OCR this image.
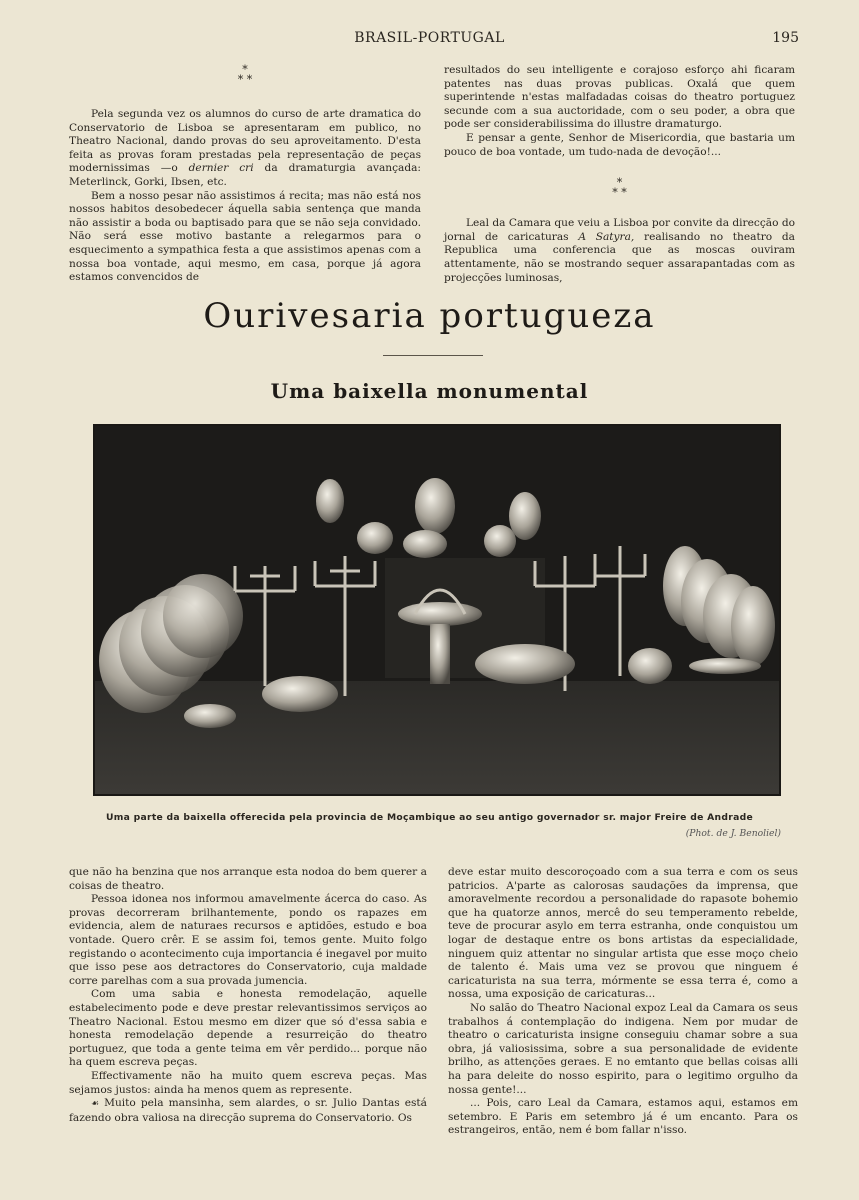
BRASIL-PORTUGAL	195
*
* *

Pela segunda vez os alumnos do curso de arte dramatica do Conservatorio de Lisboa se apresentaram em publico, no Theatro Nacional, dando provas do seu aproveitamento. D'esta feita as provas foram prestadas pela representação de peças modernissimas —o dernier cri da dramaturgia avançada: Meterlinck, Gorki, Ibsen, etc.

Bem a nosso pesar não assistimos á recita; mas não está nos nossos habitos desobedecer áquella sabia sentença que manda não assistir a boda ou baptisado para que se não seja convidado. Não será esse motivo bastante a relegarmos para o esquecimento a sympathica festa a que assistimos apenas com a nossa boa vontade, aqui mesmo, em casa, porque já agora estamos convencidos de

resultados do seu intelligente e corajoso esforço ahi ficaram patentes nas duas provas publicas. Oxalá que quem superintende n'estas malfadadas coisas do theatro portuguez secunde com a sua auctoridade, com o seu poder, a obra que pode ser considerabilissima do illustre dramaturgo.

E pensar a gente, Senhor de Misericordia, que bastaria um pouco de boa vontade, um tudo-nada de devoção!...

*
* *

Leal da Camara que veiu a Lisboa por convite da direcção do jornal de caricaturas A Satyra, realisando no theatro da Republica uma conferencia que as moscas ouviram attentamente, não se mostrando sequer assarapantadas com as projecções luminosas,

Ourivesaria portugueza
Uma baixella monumental
Uma parte da baixella offerecida pela provincia de Moçambique ao seu antigo governador sr. major Freire de Andrade
(Phot. de J. Benoliel)

que não ha benzina que nos arranque esta nodoa do bem querer a coisas de theatro.

Pessoa idonea nos informou amavelmente ácerca do caso. As provas decorreram brilhantemente, pondo os rapazes em evidencia, alem de naturaes recursos e aptidões, estudo e boa vontade. Quero crêr. E se assim foi, temos gente. Muito folgo registando o acontecimento cuja importancia é inegavel por muito que isso pese aos detractores do Conservatorio, cuja maldade corre parelhas com a sua provada jumencia.

Com uma sabia e honesta remodelação, aquelle estabelecimento pode e deve prestar relevantissimos serviços ao Theatro Nacional. Estou mesmo em dizer que só d'essa sabia e honesta remodelação depende a resurreição do theatro portuguez, que toda a gente teima em vêr perdido... porque não ha quem escreva peças.

Effectivamente não ha muito quem escreva peças. Mas sejamos justos: ainda ha menos quem as represente.

☙ Muito pela mansinha, sem alardes, o sr. Julio Dantas está fazendo obra valiosa na direcção suprema do Conservatorio. Os

deve estar muito descoroçoado com a sua terra e com os seus patricios. A'parte as calorosas saudações da imprensa, que amoravelmente recordou a personalidade do rapasote bohemio que ha quatorze annos, mercê do seu temperamento rebelde, teve de procurar asylo em terra estranha, onde conquistou um logar de destaque entre os bons artistas da especialidade, ninguem quiz attentar no singular artista que esse moço cheio de talento é. Mais uma vez se provou que ninguem é caricaturista na sua terra, mórmente se essa terra é, como a nossa, uma exposição de caricaturas...

No salão do Theatro Nacional expoz Leal da Camara os seus trabalhos á contemplação do indigena. Nem por mudar de theatro o caricaturista insigne conseguiu chamar sobre a sua obra, já valiosissima, sobre a sua personalidade de evidente brilho, as attenções geraes. E no emtanto que bellas coisas alli ha para deleite do nosso espirito, para o legitimo orgulho da nossa gente!...

... Pois, caro Leal da Camara, estamos aqui, estamos em setembro. E Paris em setembro já é um encanto. Para os estrangeiros, então, nem é bom fallar n'isso.
